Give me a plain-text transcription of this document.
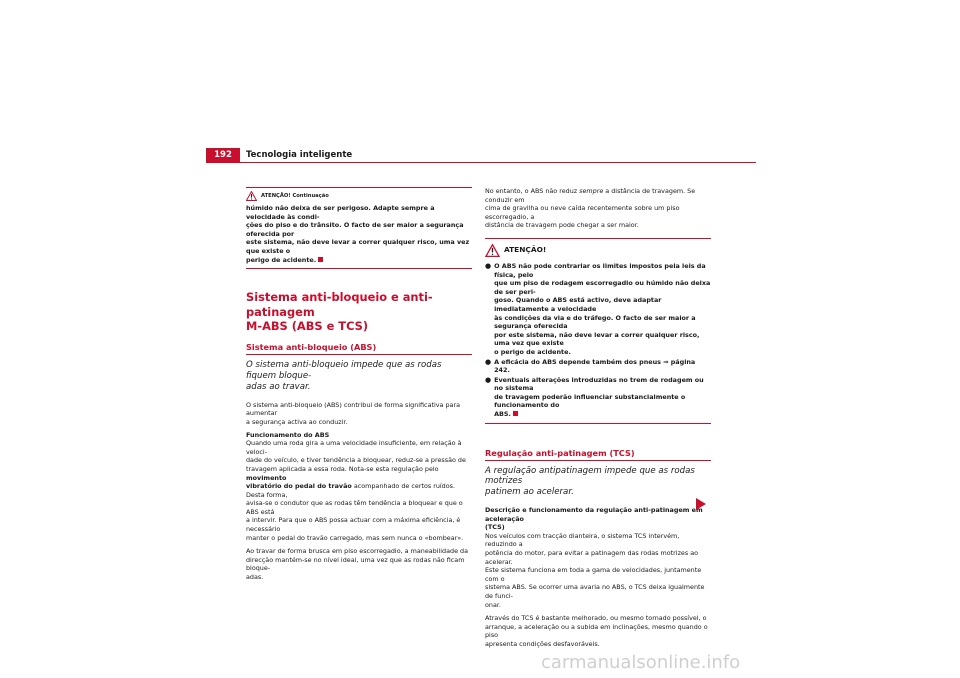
192	Tecnologia inteligente
ATENÇÃO! Continuação
húmido não deixa de ser perigoso. Adapte sempre a velocidade às condi-
ções do piso e do trânsito. O facto de ser maior a segurança oferecida por
este sistema, não deve levar a correr qualquer risco, uma vez que existe o
perigo de acidente.
Sistema anti-bloqueio e anti-patinagem
M-ABS (ABS e TCS)
Sistema anti-bloqueio (ABS)
O sistema anti-bloqueio impede que as rodas fiquem bloque-
adas ao travar.
O sistema anti-bloqueio (ABS) contribui de forma significativa para aumentar
a segurança activa ao conduzir.
Funcionamento do ABS
Quando uma roda gira a uma velocidade insuficiente, em relação à veloci-
dade do veículo, e tiver tendência a bloquear, reduz-se a pressão de
travagem aplicada a essa roda. Nota-se esta regulação pelo movimento
vibratório do pedal do travão acompanhado de certos ruídos. Desta forma,
avisa-se o condutor que as rodas têm tendência a bloquear e que o ABS está
a intervir. Para que o ABS possa actuar com a máxima eficiência, é necessário
manter o pedal do travão carregado, mas sem nunca o «bombear».
Ao travar de forma brusca em piso escorregadio, a maneabilidade da
direcção mantém-se no nível ideal, uma vez que as rodas não ficam bloque-
adas.
No entanto, o ABS não reduz sempre a distância de travagem. Se conduzir em
cima de gravilha ou neve caída recentemente sobre um piso escorregadio, a
distância de travagem pode chegar a ser maior.
ATENÇÃO!
● O ABS não pode contrariar os limites impostos pela leis da física, pelo
que um piso de rodagem escorregadio ou húmido não deixa de ser peri-
goso. Quando o ABS está activo, deve adaptar imediatamente a velocidade
às condições da via e do tráfego. O facto de ser maior a segurança oferecida
por este sistema, não deve levar a correr qualquer risco, uma vez que existe
o perigo de acidente.
● A eficácia do ABS depende também dos pneus ⇒ página 242.
● Eventuais alterações introduzidas no trem de rodagem ou no sistema
de travagem poderão influenciar substancialmente o funcionamento do
ABS.
Regulação anti-patinagem (TCS)
A regulação antipatinagem impede que as rodas motrizes
patinem ao acelerar.
Descrição e funcionamento da regulação anti-patinagem em aceleração
(TCS)
Nos veículos com tracção dianteira, o sistema TCS intervém, reduzindo a
potência do motor, para evitar a patinagem das rodas motrizes ao acelerar.
Este sistema funciona em toda a gama de velocidades, juntamente com o
sistema ABS. Se ocorrer uma avaria no ABS, o TCS deixa igualmente de funci-
onar.
Através do TCS é bastante melhorado, ou mesmo tornado possível, o
arranque, a aceleração ou a subida em inclinações, mesmo quando o piso
apresenta condições desfavoráveis.
carmanualsonline.info
